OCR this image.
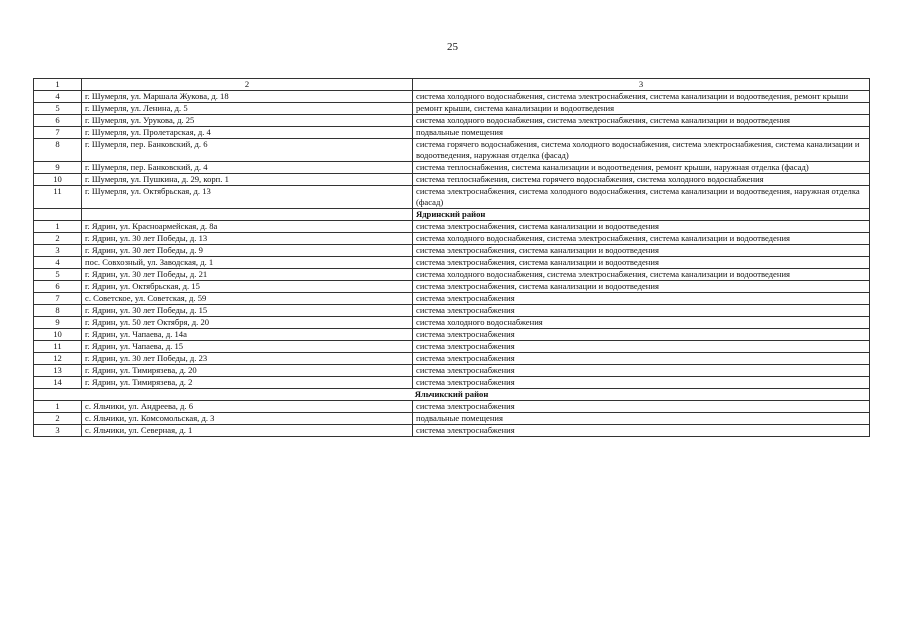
25
1	2	3
4	г. Шумерля, ул. Маршала Жукова, д. 18	система холодного водоснабжения, система электроснабжения, система канализации и водоотведения, ремонт крыши
5	г. Шумерля, ул. Ленина, д. 5	ремонт крыши, система канализации и водоотведения
6	г. Шумерля, ул. Урукова, д. 25	система холодного водоснабжения, система электроснабжения, система канализации и водоотведения
7	г. Шумерля, ул. Пролетарская, д. 4	подвальные помещения
8	г. Шумерля, пер. Банковский, д. 6	система горячего водоснабжения, система холодного водоснабжения, система электроснабжения, система канализации и водоотведения, наружная отделка (фасад)
9	г. Шумерля, пер. Банковский, д. 4	система теплоснабжения, система канализации и водоотведения, ремонт крыши, наружная отделка (фасад)
10	г. Шумерля, ул. Пушкина, д. 29, корп. 1	система теплоснабжения, система горячего водоснабжения, система холодного водоснабжения
11	г. Шумерля, ул. Октябрьская, д. 13	система электроснабжения, система холодного водоснабжения, система канализации и водоотведения, наружная отделка (фасад)
		Ядринский район
1	г. Ядрин, ул. Красноармейская, д. 8а	система электроснабжения, система канализации и водоотведения
2	г. Ядрин, ул. 30 лет Победы, д. 13	система холодного водоснабжения, система электроснабжения, система канализации и водоотведения
3	г. Ядрин, ул. 30 лет Победы, д. 9	система электроснабжения, система канализации и водоотведения
4	пос. Совхозный, ул. Заводская, д. 1	система электроснабжения, система канализации и водоотведения
5	г. Ядрин, ул. 30 лет Победы, д. 21	система холодного водоснабжения, система электроснабжения, система канализации и водоотведения
6	г. Ядрин, ул. Октябрьская, д. 15	система электроснабжения, система канализации и водоотведения
7	с. Советское, ул. Советская, д. 59	система электроснабжения
8	г. Ядрин, ул. 30 лет Победы, д. 15	система электроснабжения
9	г. Ядрин, ул. 50 лет Октября, д. 20	система холодного водоснабжения
10	г. Ядрин, ул. Чапаева, д. 14а	система электроснабжения
11	г. Ядрин, ул. Чапаева, д. 15	система электроснабжения
12	г. Ядрин, ул. 30 лет Победы, д. 23	система электроснабжения
13	г. Ядрин, ул. Тимирязева, д. 20	система электроснабжения
14	г. Ядрин, ул. Тимирязева, д. 2	система электроснабжения
Яльчикский район		
1	с. Яльчики, ул. Андреева, д. 6	система электроснабжения
2	с. Яльчики, ул. Комсомольская, д. 3	подвальные помещения
3	с. Яльчики, ул. Северная, д. 1	система электроснабжения
